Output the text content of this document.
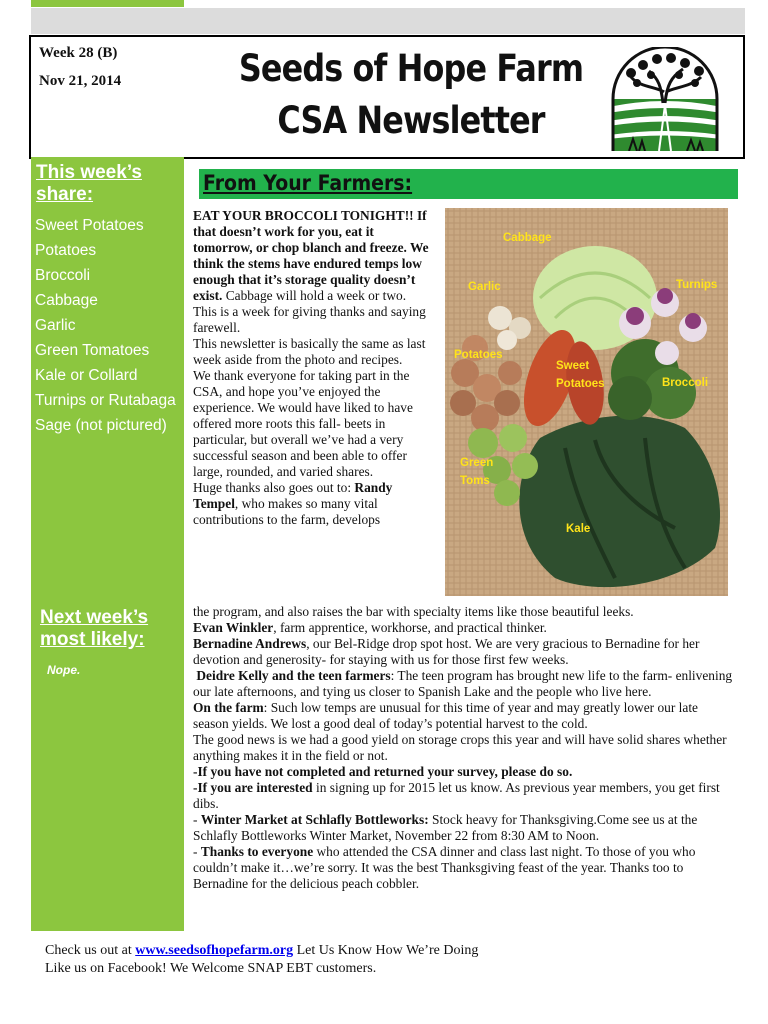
Week 28 (B)
Nov 21, 2014	Seeds of Hope Farm
CSA Newsletter
This week’s share:
Sweet Potatoes
Potatoes
Broccoli
Cabbage
Garlic
Green Tomatoes
Kale or Collard
Turnips or Rutabaga
Sage (not pictured)
Next week’s most likely:
Nope.
From Your Farmers:

EAT YOUR BROCCOLI TONIGHT!! If that doesn’t work for you, eat it tomorrow, or chop blanch and freeze. We think the stems have endured temps low enough that it’s storage quality doesn’t exist. Cabbage will hold a week or two.

This is a week for giving thanks and saying farewell.

This newsletter is basically the same as last week aside from the photo and recipes.

We thank everyone for taking part in the CSA, and hope you’ve enjoyed the experience. We would have liked to have offered more roots this fall- beets in particular, but overall we’ve had a very successful season and been able to offer large, rounded, and varied shares.

Huge thanks also goes out to: Randy Tempel, who makes so many vital contributions to the farm, develops

Cabbage
Garlic	Turnips
Potatoes
Sweet
Potatoes	Broccoli
Green
Toms
Kale

the program, and also raises the bar with specialty items like those beautiful leeks.

Evan Winkler, farm apprentice, workhorse, and practical thinker.

Bernadine Andrews, our Bel-Ridge drop spot host. We are very gracious to Bernadine for her devotion and generosity- for staying with us for those first few weeks.

Deidre Kelly and the teen farmers: The teen program has brought new life to the farm- enlivening our late afternoons, and tying us closer to Spanish Lake and the people who live here.

On the farm: Such low temps are unusual for this time of year and may greatly lower our late season yields. We lost a good deal of today’s potential harvest to the cold.

The good news is we had a good yield on storage crops this year and will have solid shares whether anything makes it in the field or not.

-If you have not completed and returned your survey, please do so.

-If you are interested in signing up for 2015 let us know. As previous year members, you get first dibs.

- Winter Market at Schlafly Bottleworks: Stock heavy for Thanksgiving.Come see us at the Schlafly Bottleworks Winter Market, November 22 from 8:30 AM to Noon.

- Thanks to everyone who attended the CSA dinner and class last night. To those of you who couldn’t make it…we’re sorry. It was the best Thanksgiving feast of the year. Thanks too to Bernadine for the delicious peach cobbler.

Check us out at www.seedsofhopefarm.org Let Us Know How We’re Doing
Like us on Facebook! We Welcome SNAP EBT customers.
